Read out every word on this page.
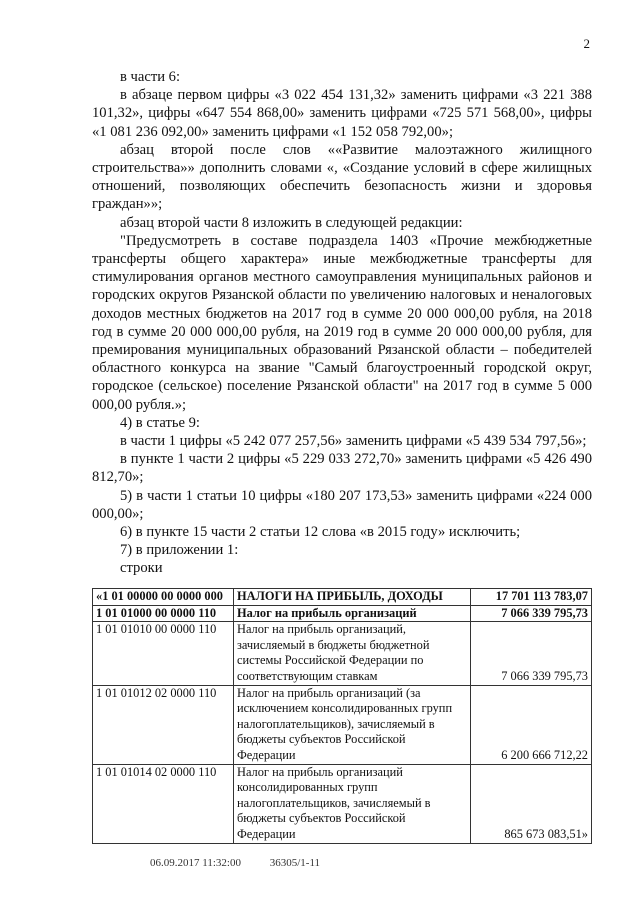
2

в части 6:

в абзаце первом цифры «3 022 454 131,32» заменить цифрами «3 221 388 101,32», цифры «647 554 868,00» заменить цифрами «725 571 568,00», цифры «1 081 236 092,00» заменить цифрами «1 152 058 792,00»;

абзац второй после слов ««Развитие малоэтажного жилищного строительства»» дополнить словами «, «Создание условий в сфере жилищных отношений, позволяющих обеспечить безопасность жизни и здоровья граждан»»;

абзац второй части 8 изложить в следующей редакции:

"Предусмотреть в составе подраздела 1403 «Прочие межбюджетные трансферты общего характера» иные межбюджетные трансферты для стимулирования органов местного самоуправления муниципальных районов и городских округов Рязанской области по увеличению налоговых и неналоговых доходов местных бюджетов на 2017 год в сумме 20 000 000,00 рубля, на 2018 год в сумме 20 000 000,00 рубля, на 2019 год в сумме 20 000 000,00 рубля, для премирования муниципальных образований Рязанской области – победителей областного конкурса на звание "Самый благоустроенный городской округ, городское (сельское) поселение Рязанской области" на 2017 год в сумме 5 000 000,00 рубля.»;

4) в статье 9:

в части 1 цифры «5 242 077 257,56» заменить цифрами «5 439 534 797,56»;

в пункте 1 части 2 цифры «5 229 033 272,70» заменить цифрами «5 426 490 812,70»;

5) в части 1 статьи 10 цифры «180 207 173,53» заменить цифрами «224 000 000,00»;

6) в пункте 15 части 2 статьи 12 слова «в 2015 году» исключить;

7) в приложении 1:

строки

«1 01 00000 00 0000 000	НАЛОГИ НА ПРИБЫЛЬ, ДОХОДЫ	17 701 113 783,07
1 01 01000 00 0000 110	Налог на прибыль организаций	7 066 339 795,73
1 01 01010 00 0000 110	Налог на прибыль организаций, зачисляемый в бюджеты бюджетной системы Российской Федерации по соответствующим ставкам	7 066 339 795,73
1 01 01012 02 0000 110	Налог на прибыль организаций (за исключением консолидированных групп налогоплательщиков), зачисляемый в бюджеты субъектов Российской Федерации	6 200 666 712,22
1 01 01014 02 0000 110	Налог на прибыль организаций консолидированных групп налогоплательщиков, зачисляемый в бюджеты субъектов Российской Федерации	865 673 083,51»
06.09.2017 11:32:00	36305/1-11
